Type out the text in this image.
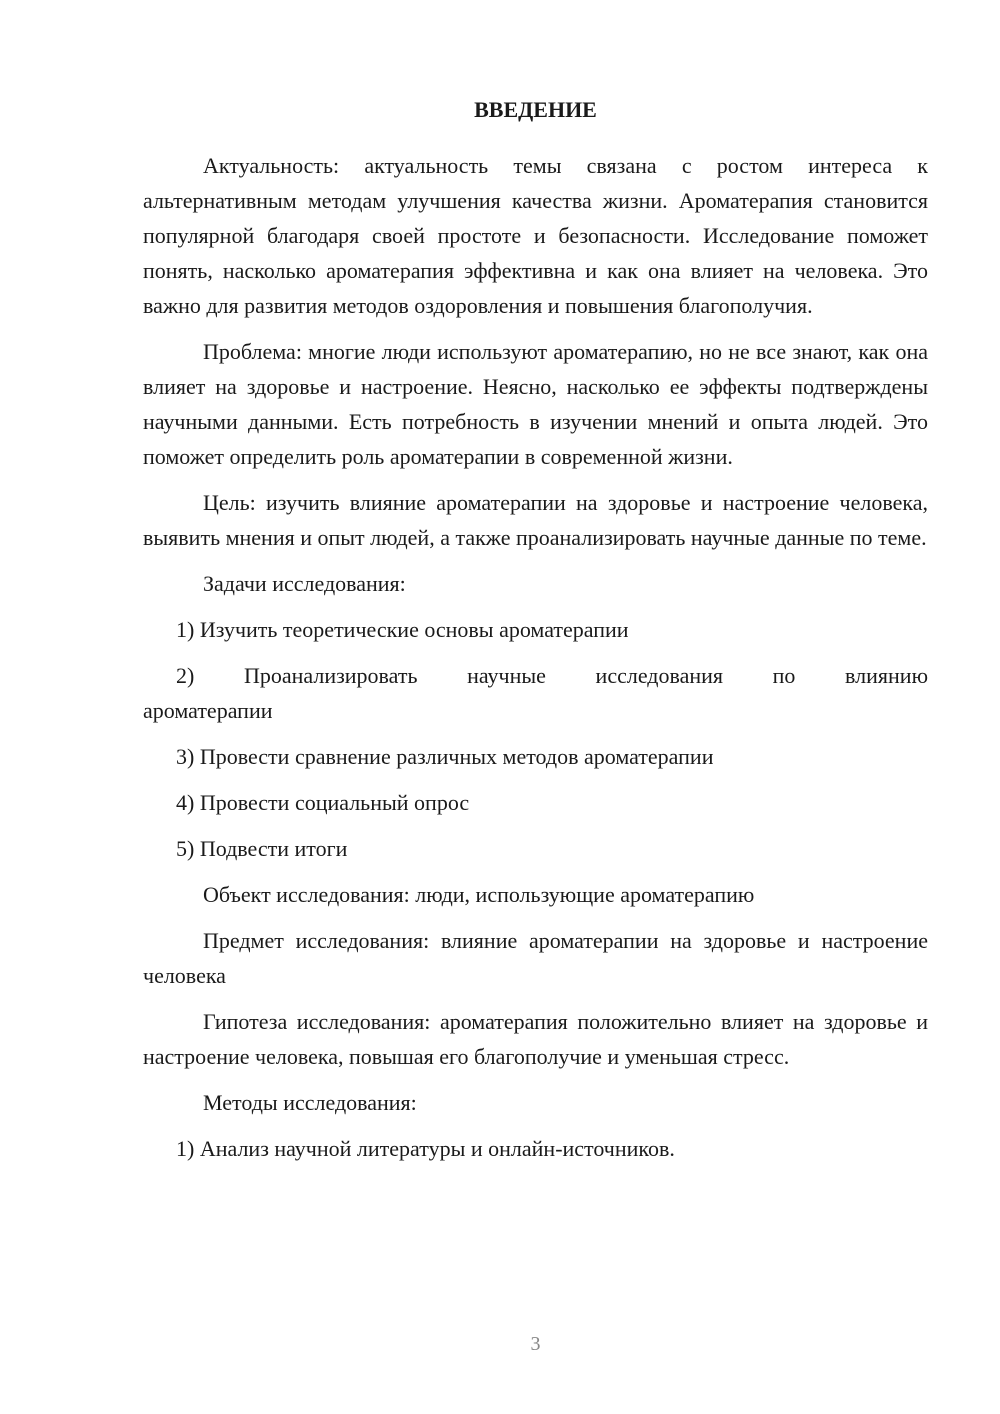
ВВЕДЕНИЕ

Актуальность: актуальность темы связана с ростом интереса к альтернативным методам улучшения качества жизни. Ароматерапия становится популярной благодаря своей простоте и безопасности. Исследование поможет понять, насколько ароматерапия эффективна и как она влияет на человека. Это важно для развития методов оздоровления и повышения благополучия.

Проблема: многие люди используют ароматерапию, но не все знают, как она влияет на здоровье и настроение. Неясно, насколько ее эффекты подтверждены научными данными. Есть потребность в изучении мнений и опыта людей. Это поможет определить роль ароматерапии в современной жизни.

Цель: изучить влияние ароматерапии на здоровье и настроение человека, выявить мнения и опыт людей, а также проанализировать научные данные по теме.

Задачи исследования:

1) Изучить теоретические основы ароматерапии

2) Проанализировать научные исследования по влиянию

ароматерапии

3) Провести сравнение различных методов ароматерапии

4) Провести социальный опрос

5) Подвести итоги

Объект исследования: люди, использующие ароматерапию

Предмет исследования: влияние ароматерапии на здоровье и настроение человека

Гипотеза исследования: ароматерапия положительно влияет на здоровье и настроение человека, повышая его благополучие и уменьшая стресс.

Методы исследования:

1) Анализ научной литературы и онлайн-источников.

3
